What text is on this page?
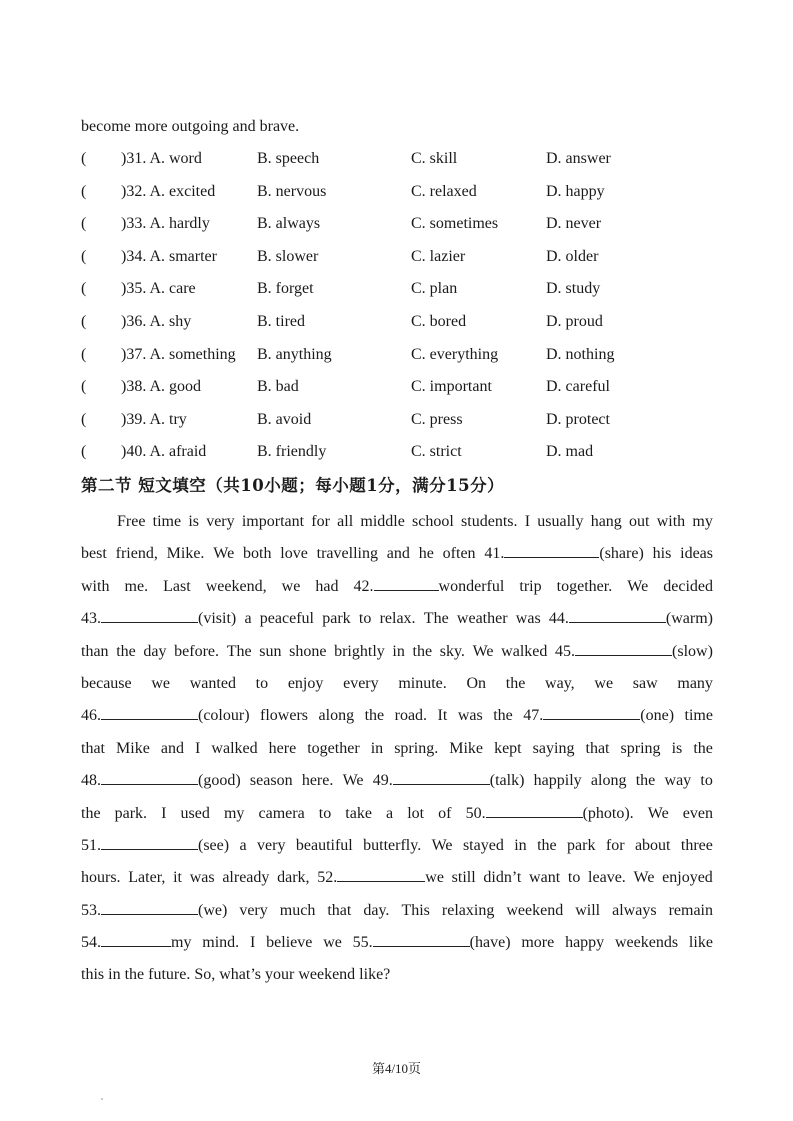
become more outgoing and brave.
( )31. A. word	B. speech	C. skill	D. answer
( )32. A. excited	B. nervous	C. relaxed	D. happy
( )33. A. hardly	B. always	C. sometimes	D. never
( )34. A. smarter	B. slower	C. lazier	D. older
( )35. A. care	B. forget	C. plan	D. study
( )36. A. shy	B. tired	C. bored	D. proud
( )37. A. something B. anything	C. everything	D. nothing
( )38. A. good	B. bad	C. important	D. careful
( )39. A. try	B. avoid	C. press	D. protect
( )40. A. afraid	B. friendly	C. strict	D. mad
第二节 短文填空（共10小题；每小题1分，满分15分）
Free time is very important for all middle school students. I usually hang out with my
best friend, Mike. We both love travelling and he often 41.	(share) his ideas
with me. Last weekend, we had 42.	wonderful trip together. We decided
43.	(visit) a peaceful park to relax. The weather was 44.	(warm)
than the day before. The sun shone brightly in the sky. We walked 45.	(slow)
because we wanted to enjoy every minute. On the way, we saw many
46.	(colour) flowers along the road. It was the 47.	(one) time
that Mike and I walked here together in spring. Mike kept saying that spring is the
48.	(good) season here. We 49.	(talk) happily along the way to
the park. I used my camera to take a lot of 50.	(photo). We even
51.	(see) a very beautiful butterfly. We stayed in the park for about three
hours. Later, it was already dark, 52.	we still didn’t want to leave. We enjoyed
53.	(we) very much that day. This relaxing weekend will always remain
54.	my mind. I believe we 55.	(have) more happy weekends like
this in the future. So, what’s your weekend like?
第4/10页
